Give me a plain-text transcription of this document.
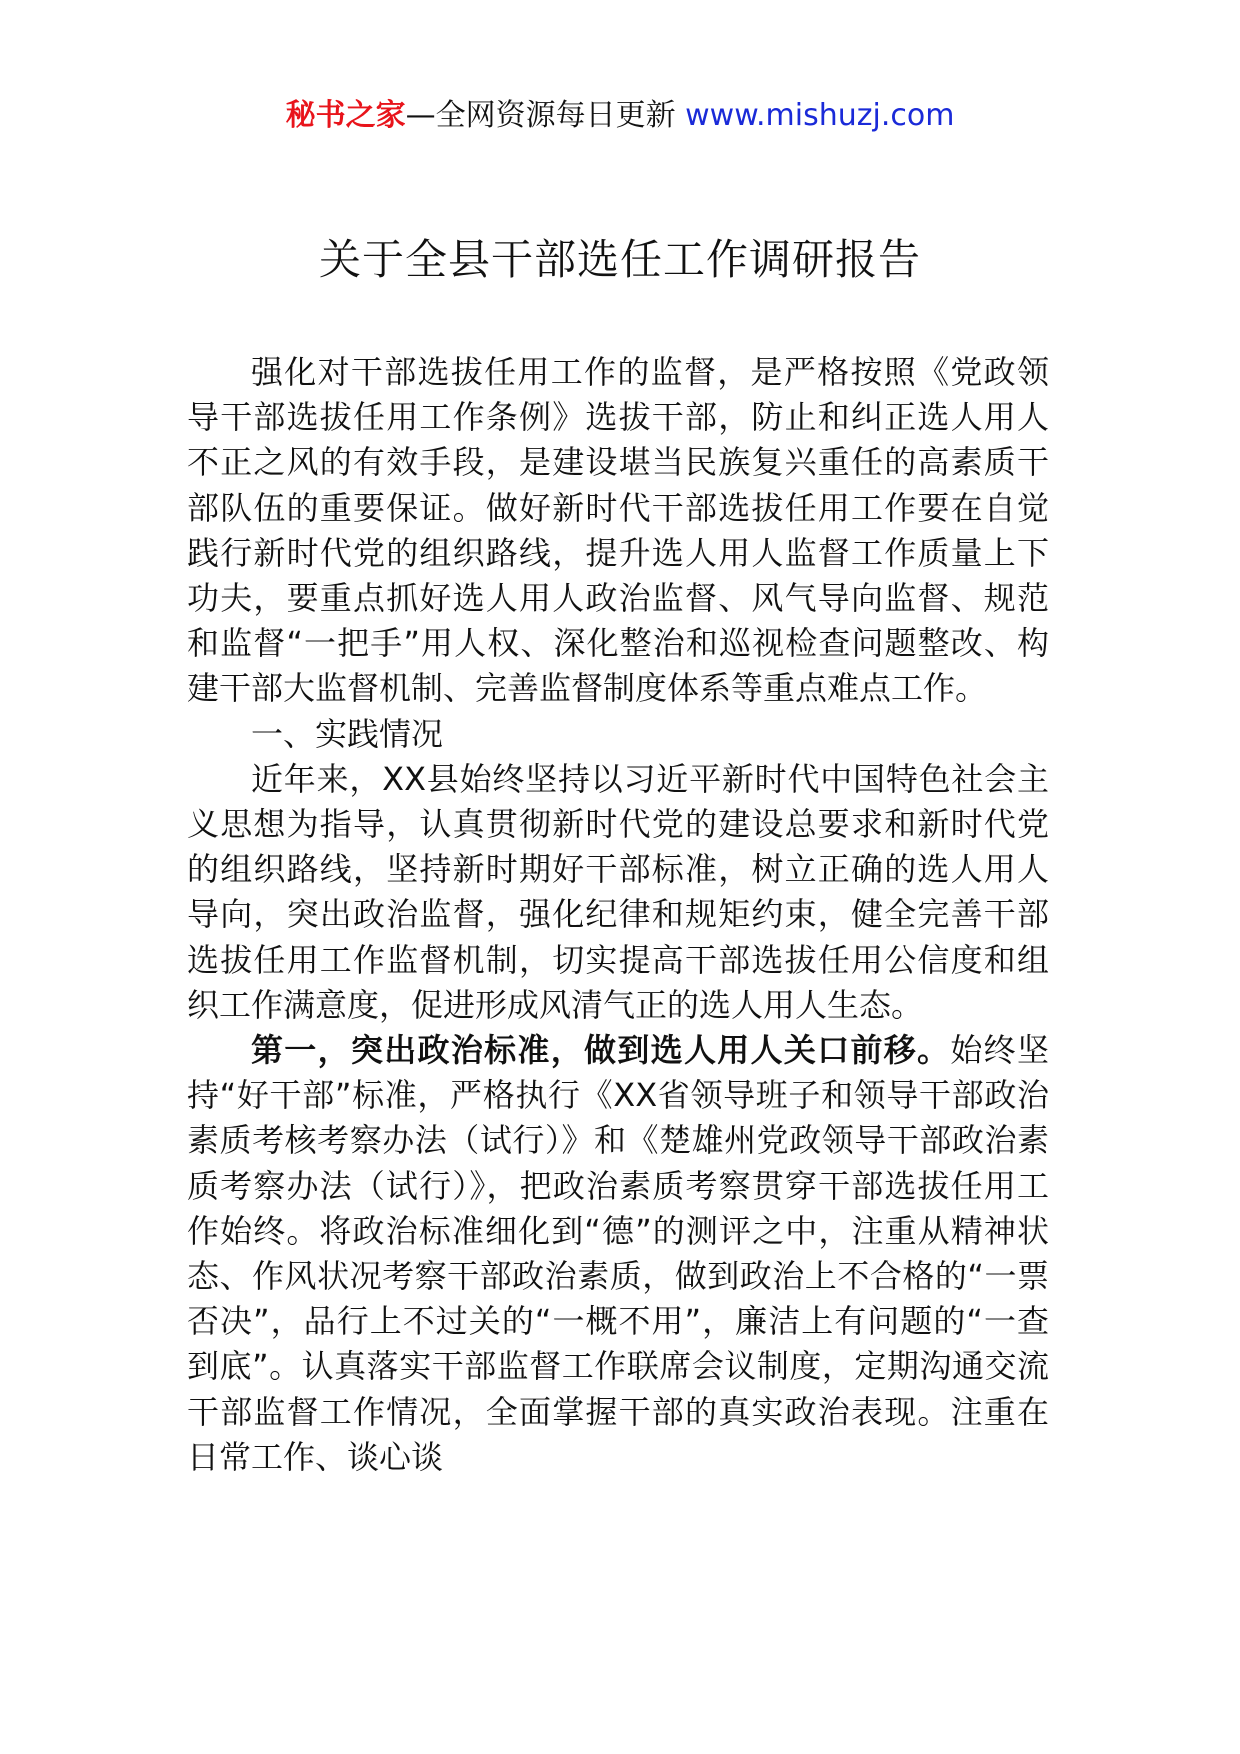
秘书之家—全网资源每日更新 www.mishuzj.com
关于全县干部选任工作调研报告

强化对干部选拔任用工作的监督，是严格按照《党政领导干部选拔任用工作条例》选拔干部，防止和纠正选人用人不正之风的有效手段，是建设堪当民族复兴重任的高素质干部队伍的重要保证。做好新时代干部选拔任用工作要在自觉践行新时代党的组织路线，提升选人用人监督工作质量上下功夫，要重点抓好选人用人政治监督、风气导向监督、规范和监督“一把手”用人权、深化整治和巡视检查问题整改、构建干部大监督机制、完善监督制度体系等重点难点工作。

一、实践情况

近年来，XX县始终坚持以习近平新时代中国特色社会主义思想为指导，认真贯彻新时代党的建设总要求和新时代党的组织路线，坚持新时期好干部标准，树立正确的选人用人导向，突出政治监督，强化纪律和规矩约束，健全完善干部选拔任用工作监督机制，切实提高干部选拔任用公信度和组织工作满意度，促进形成风清气正的选人用人生态。

第一，突出政治标准，做到选人用人关口前移。始终坚持“好干部”标准，严格执行《XX省领导班子和领导干部政治素质考核考察办法（试行）》和《楚雄州党政领导干部政治素质考察办法（试行）》，把政治素质考察贯穿干部选拔任用工作始终。将政治标准细化到“德”的测评之中，注重从精神状态、作风状况考察干部政治素质，做到政治上不合格的“一票否决”，品行上不过关的“一概不用”，廉洁上有问题的“一查到底”。认真落实干部监督工作联席会议制度，定期沟通交流干部监督工作情况，全面掌握干部的真实政治表现。注重在日常工作、谈心谈
